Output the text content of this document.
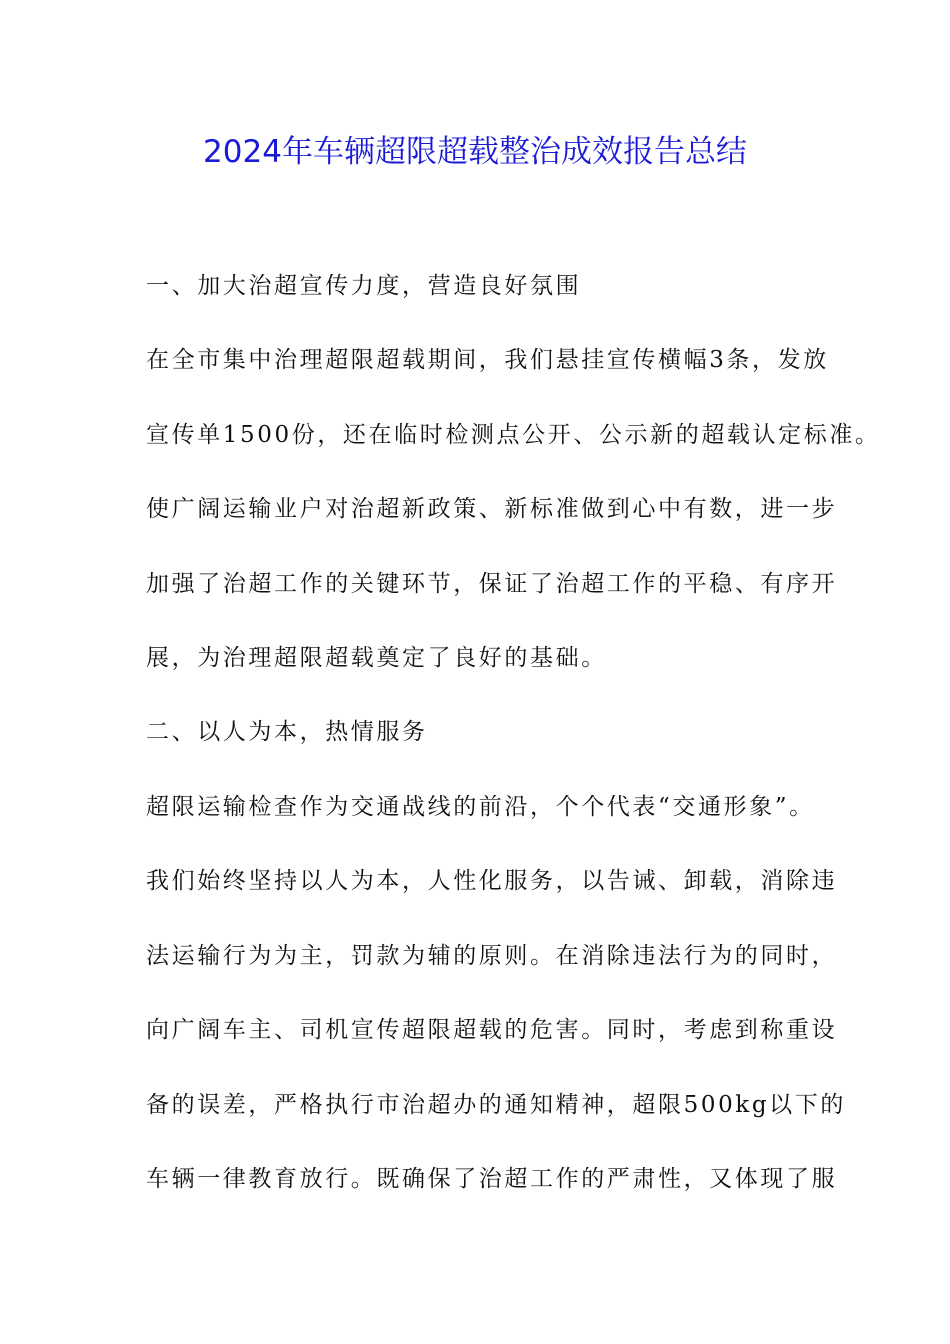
2024年车辆超限超载整治成效报告总结
一、加大治超宣传力度，营造良好氛围
在全市集中治理超限超载期间，我们悬挂宣传横幅3条，发放
宣传单1500份，还在临时检测点公开、公示新的超载认定标准。
使广阔运输业户对治超新政策、新标准做到心中有数，进一步
加强了治超工作的关键环节，保证了治超工作的平稳、有序开
展，为治理超限超载奠定了良好的基础。
二、以人为本，热情服务
超限运输检查作为交通战线的前沿，个个代表“交通形象”。
我们始终坚持以人为本，人性化服务，以告诫、卸载，消除违
法运输行为为主，罚款为辅的原则。在消除违法行为的同时，
向广阔车主、司机宣传超限超载的危害。同时，考虑到称重设
备的误差，严格执行市治超办的通知精神，超限500kg以下的
车辆一律教育放行。既确保了治超工作的严肃性，又体现了服
